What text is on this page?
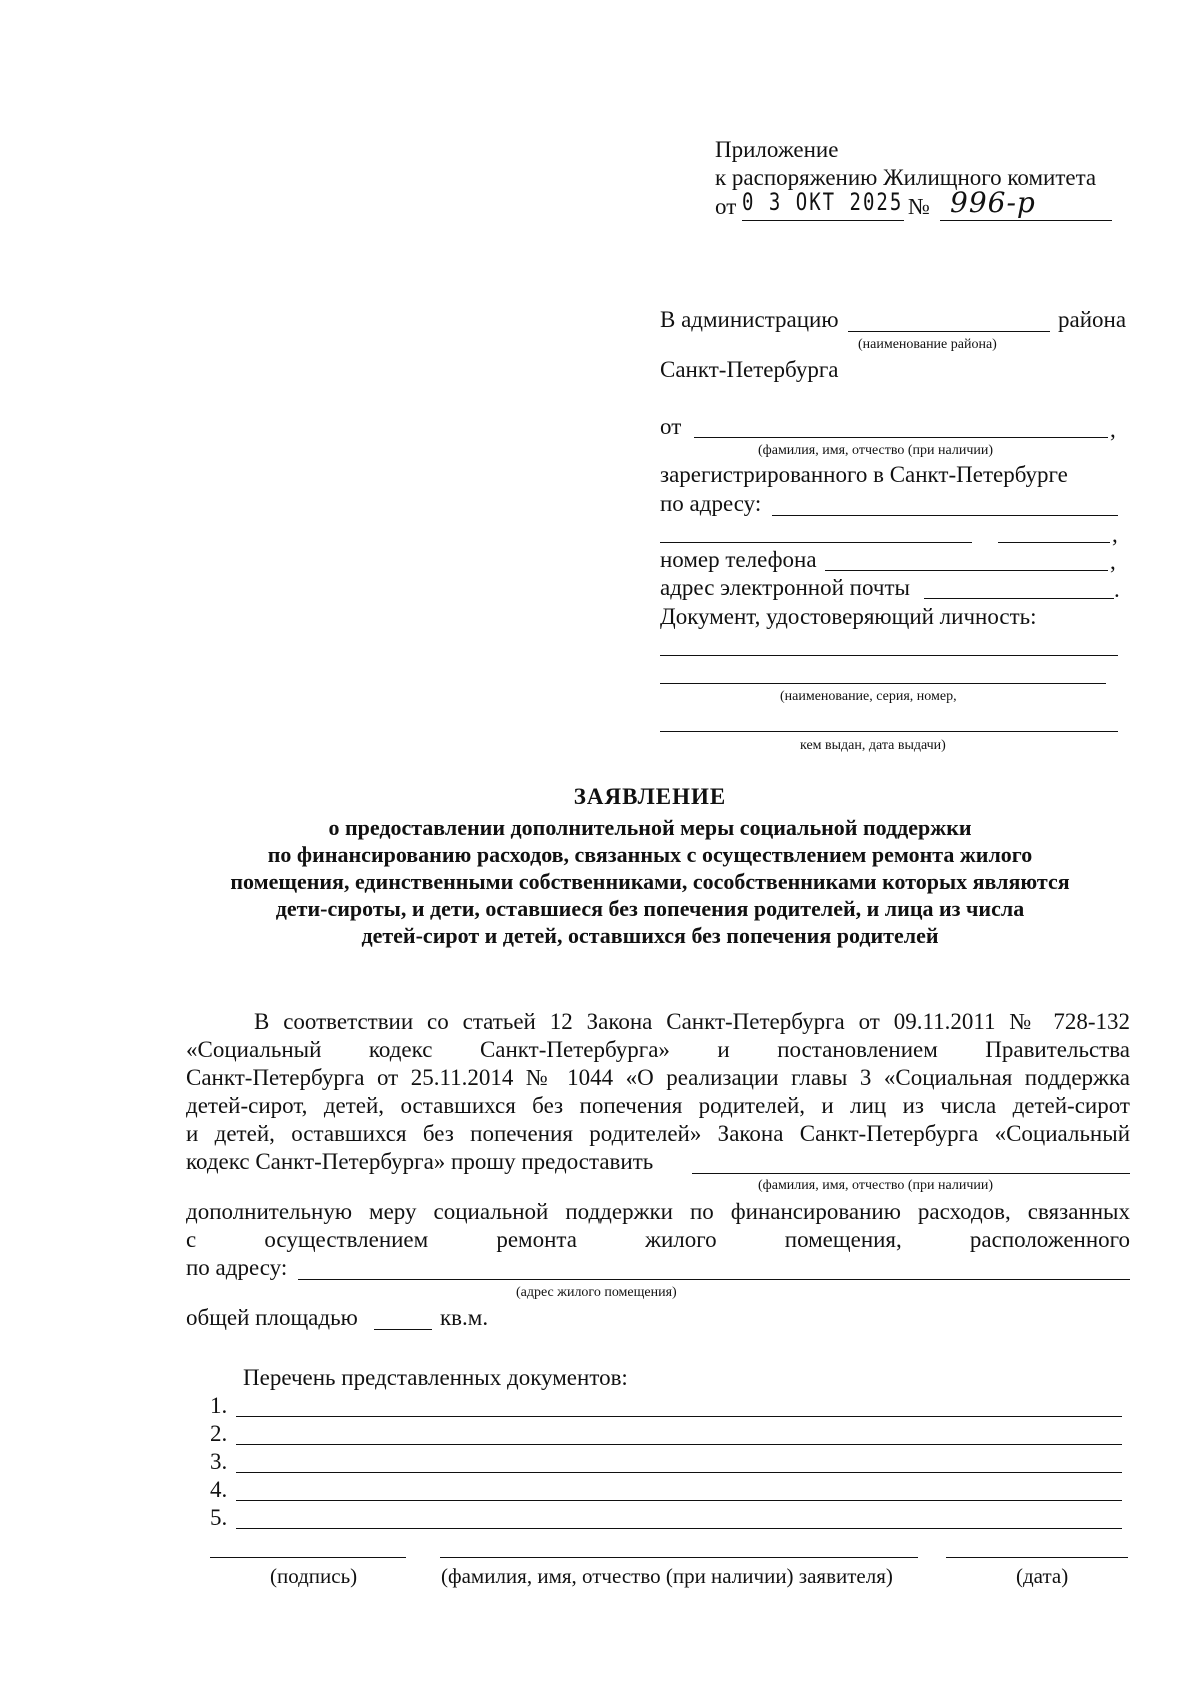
Приложение
к распоряжению Жилищного комитета
от 0 3 ОКТ 2025 № 996-р
В администрацию	района
(наименование района)
Санкт-Петербурга
от	,
(фамилия, имя, отчество (при наличии)
зарегистрированного в Санкт-Петербурге
по адресу:
,
номер телефона	,
адрес электронной почты	.
Документ, удостоверяющий личность:
(наименование, серия, номер,
кем выдан, дата выдачи)
ЗАЯВЛЕНИЕ
о предоставлении дополнительной меры социальной поддержки
по финансированию расходов, связанных с осуществлением ремонта жилого
помещения, единственными собственниками, сособственниками которых являются
дети-сироты, и дети, оставшиеся без попечения родителей, и лица из числа
детей-сирот и детей, оставшихся без попечения родителей
В соответствии со статьей 12 Закона Санкт-Петербурга от 09.11.2011 № 728-132
«Социальный кодекс Санкт-Петербурга» и постановлением Правительства
Санкт-Петербурга от 25.11.2014 № 1044 «О реализации главы 3 «Социальная поддержка
детей-сирот, детей, оставшихся без попечения родителей, и лиц из числа детей-сирот
и детей, оставшихся без попечения родителей» Закона Санкт-Петербурга «Социальный
кодекс Санкт-Петербурга» прошу предоставить
(фамилия, имя, отчество (при наличии)
дополнительную меру социальной поддержки по финансированию расходов, связанных
с осуществлением ремонта жилого помещения, расположенного
по адресу:
(адрес жилого помещения)
общей площадью	кв.м.
Перечень представленных документов:
1.
2.
3.
4.
5.
(подпись)	(фамилия, имя, отчество (при наличии) заявителя)	(дата)
